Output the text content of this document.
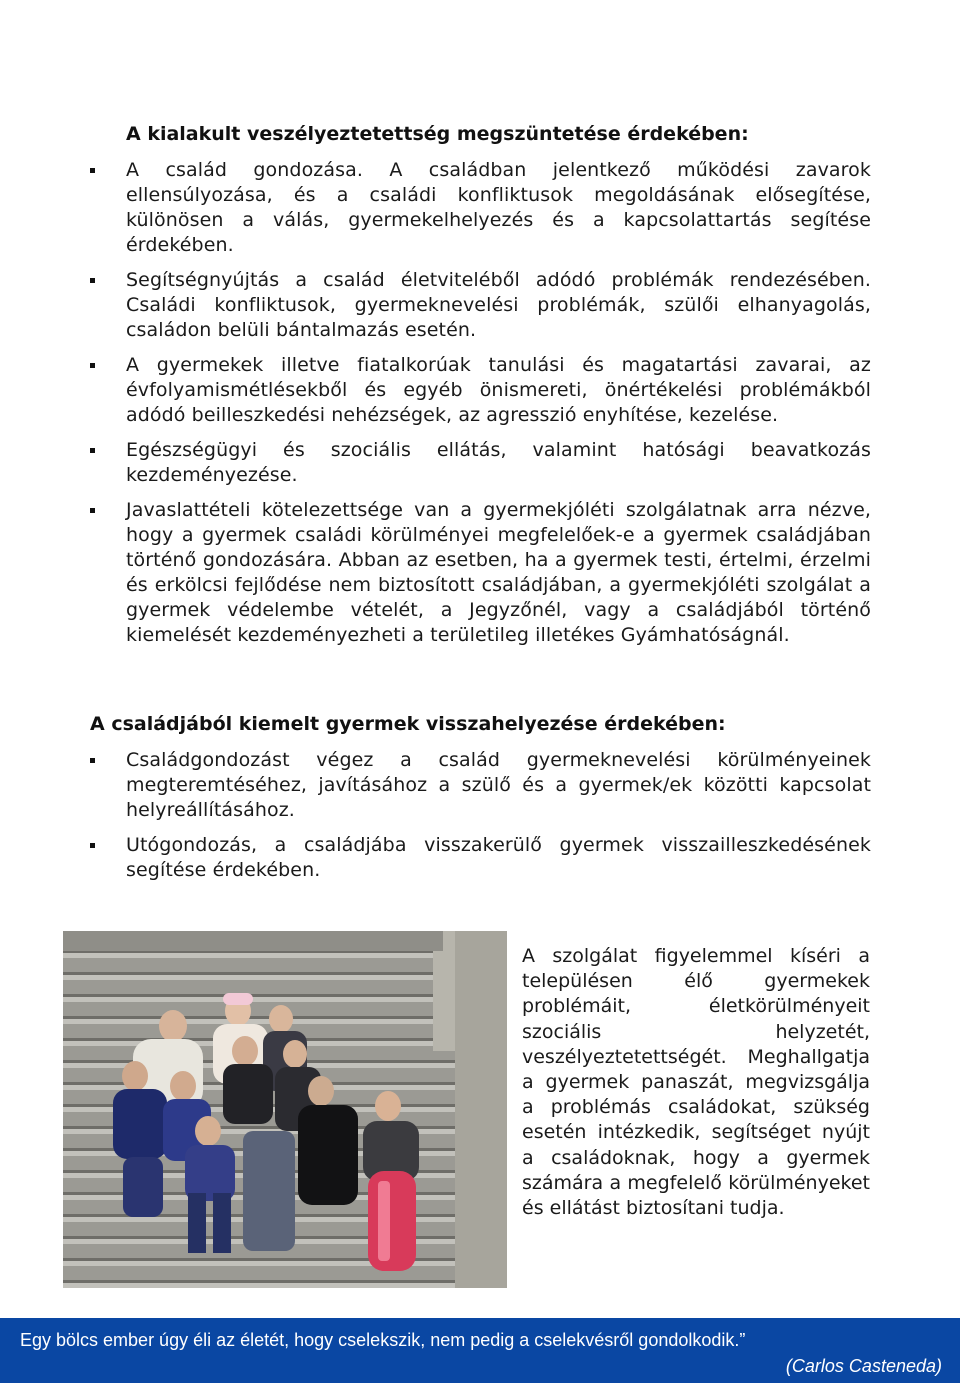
A kialakult veszélyeztetettség megszüntetése érdekében:
A család gondozása. A családban jelentkező működési zavarok ellensúlyozása, és a családi konfliktusok megoldásának elősegítése, különösen a válás, gyermekelhelyezés és a kapcsolattartás segítése érdekében.
Segítségnyújtás a család életviteléből adódó problémák rendezésében. Családi konfliktusok, gyermeknevelési problémák, szülői elhanyagolás, családon belüli bántalmazás esetén.
A gyermekek illetve fiatalkorúak tanulási és magatartási zavarai, az évfolyamismétlésekből és egyéb önismereti, önértékelési problémákból adódó beilleszkedési nehézségek, az agresszió enyhítése, kezelése.
Egészségügyi és szociális ellátás, valamint hatósági beavatkozás kezdeményezése.
Javaslattételi kötelezettsége van a gyermekjóléti szolgálatnak arra nézve, hogy a gyermek családi körülményei megfelelőek-e a gyermek családjában történő gondozására. Abban az esetben, ha a gyermek testi, értelmi, érzelmi és erkölcsi fejlődése nem biztosított családjában, a gyermekjóléti szolgálat a gyermek védelembe vételét, a Jegyzőnél, vagy a családjából történő kiemelését kezdeményezheti a területileg illetékes Gyámhatóságnál.
A családjából kiemelt gyermek visszahelyezése érdekében:
Családgondozást végez a család gyermeknevelési körülményeinek megteremtéséhez, javításához a szülő és a gyermek/ek közötti kapcsolat helyreállításához.
Utógondozás, a családjába visszakerülő gyermek visszailleszkedésének segítése érdekében.
A szolgálat figyelemmel kíséri a településen élő gyermekek problémáit, életkörülményeit szociális helyzetét, veszélyeztetettségét. Meghallgatja a gyermek panaszát, megvizsgálja a problémás családokat, szükség esetén intézkedik, segítséget nyújt a családoknak, hogy a gyermek számára a megfelelő körülményeket és ellátást biztosítani tudja.
Egy bölcs ember úgy éli az életét, hogy cselekszik, nem pedig a cselekvésről gondolkodik.”
(Carlos Casteneda)
